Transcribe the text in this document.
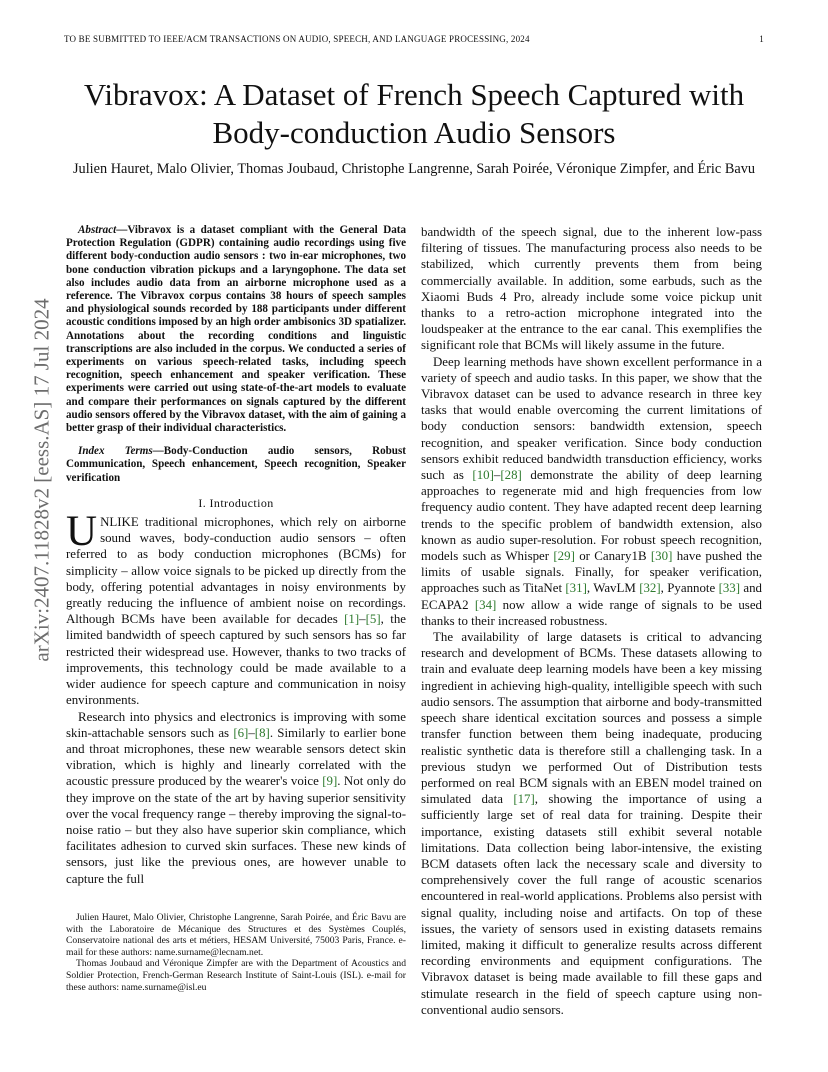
TO BE SUBMITTED TO IEEE/ACM TRANSACTIONS ON AUDIO, SPEECH, AND LANGUAGE PROCESSING, 2024	1
arXiv:2407.11828v2 [eess.AS] 17 Jul 2024
Vibravox: A Dataset of French Speech Captured with Body-conduction Audio Sensors
Julien Hauret, Malo Olivier, Thomas Joubaud, Christophe Langrenne, Sarah Poirée, Véronique Zimpfer, and Éric Bavu

Abstract—Vibravox is a dataset compliant with the General Data Protection Regulation (GDPR) containing audio recordings using five different body-conduction audio sensors : two in-ear microphones, two bone conduction vibration pickups and a laryngophone. The data set also includes audio data from an airborne microphone used as a reference. The Vibravox corpus contains 38 hours of speech samples and physiological sounds recorded by 188 participants under different acoustic conditions imposed by an high order ambisonics 3D spatializer. Annotations about the recording conditions and linguistic transcriptions are also included in the corpus. We conducted a series of experiments on various speech-related tasks, including speech recognition, speech enhancement and speaker verification. These experiments were carried out using state-of-the-art models to evaluate and compare their performances on signals captured by the different audio sensors offered by the Vibravox dataset, with the aim of gaining a better grasp of their individual characteristics.

Index Terms—Body-Conduction audio sensors, Robust Communication, Speech enhancement, Speech recognition, Speaker verification

I. Introduction

UNLIKE traditional microphones, which rely on airborne sound waves, body-conduction audio sensors – often referred to as body conduction microphones (BCMs) for simplicity – allow voice signals to be picked up directly from the body, offering potential advantages in noisy environments by greatly reducing the influence of ambient noise on recordings. Although BCMs have been available for decades [1]–[5], the limited bandwidth of speech captured by such sensors has so far restricted their widespread use. However, thanks to two tracks of improvements, this technology could be made available to a wider audience for speech capture and communication in noisy environments.

Research into physics and electronics is improving with some skin-attachable sensors such as [6]–[8]. Similarly to earlier bone and throat microphones, these new wearable sensors detect skin vibration, which is highly and linearly correlated with the acoustic pressure produced by the wearer's voice [9]. Not only do they improve on the state of the art by having superior sensitivity over the vocal frequency range – thereby improving the signal-to-noise ratio – but they also have superior skin compliance, which facilitates adhesion to curved skin surfaces. These new kinds of sensors, just like the previous ones, are however unable to capture the full

Julien Hauret, Malo Olivier, Christophe Langrenne, Sarah Poirée, and Éric Bavu are with the Laboratoire de Mécanique des Structures et des Systèmes Couplés, Conservatoire national des arts et métiers, HESAM Université, 75003 Paris, France. e-mail for these authors: name.surname@lecnam.net.

Thomas Joubaud and Véronique Zimpfer are with the Department of Acoustics and Soldier Protection, French-German Research Institute of Saint-Louis (ISL). e-mail for these authors: name.surname@isl.eu

bandwidth of the speech signal, due to the inherent low-pass filtering of tissues. The manufacturing process also needs to be stabilized, which currently prevents them from being commercially available. In addition, some earbuds, such as the Xiaomi Buds 4 Pro, already include some voice pickup unit thanks to a retro-action microphone integrated into the loudspeaker at the entrance to the ear canal. This exemplifies the significant role that BCMs will likely assume in the future.

Deep learning methods have shown excellent performance in a variety of speech and audio tasks. In this paper, we show that the Vibravox dataset can be used to advance research in three key tasks that would enable overcoming the current limitations of body conduction sensors: bandwidth extension, speech recognition, and speaker verification. Since body conduction sensors exhibit reduced bandwidth transduction efficiency, works such as [10]–[28] demonstrate the ability of deep learning approaches to regenerate mid and high frequencies from low frequency audio content. They have adapted recent deep learning trends to the specific problem of bandwidth extension, also known as audio super-resolution. For robust speech recognition, models such as Whisper [29] or Canary1B [30] have pushed the limits of usable signals. Finally, for speaker verification, approaches such as TitaNet [31], WavLM [32], Pyannote [33] and ECAPA2 [34] now allow a wide range of signals to be used thanks to their increased robustness.

The availability of large datasets is critical to advancing research and development of BCMs. These datasets allowing to train and evaluate deep learning models have been a key missing ingredient in achieving high-quality, intelligible speech with such audio sensors. The assumption that airborne and body-transmitted speech share identical excitation sources and possess a simple transfer function between them being inadequate, producing realistic synthetic data is therefore still a challenging task. In a previous studyn we performed Out of Distribution tests performed on real BCM signals with an EBEN model trained on simulated data [17], showing the importance of using a sufficiently large set of real data for training. Despite their importance, existing datasets still exhibit several notable limitations. Data collection being labor-intensive, the existing BCM datasets often lack the necessary scale and diversity to comprehensively cover the full range of acoustic scenarios encountered in real-world applications. Problems also persist with signal quality, including noise and artifacts. On top of these issues, the variety of sensors used in existing datasets remains limited, making it difficult to generalize results across different recording environments and equipment configurations. The Vibravox dataset is being made available to fill these gaps and stimulate research in the field of speech capture using non-conventional audio sensors.
